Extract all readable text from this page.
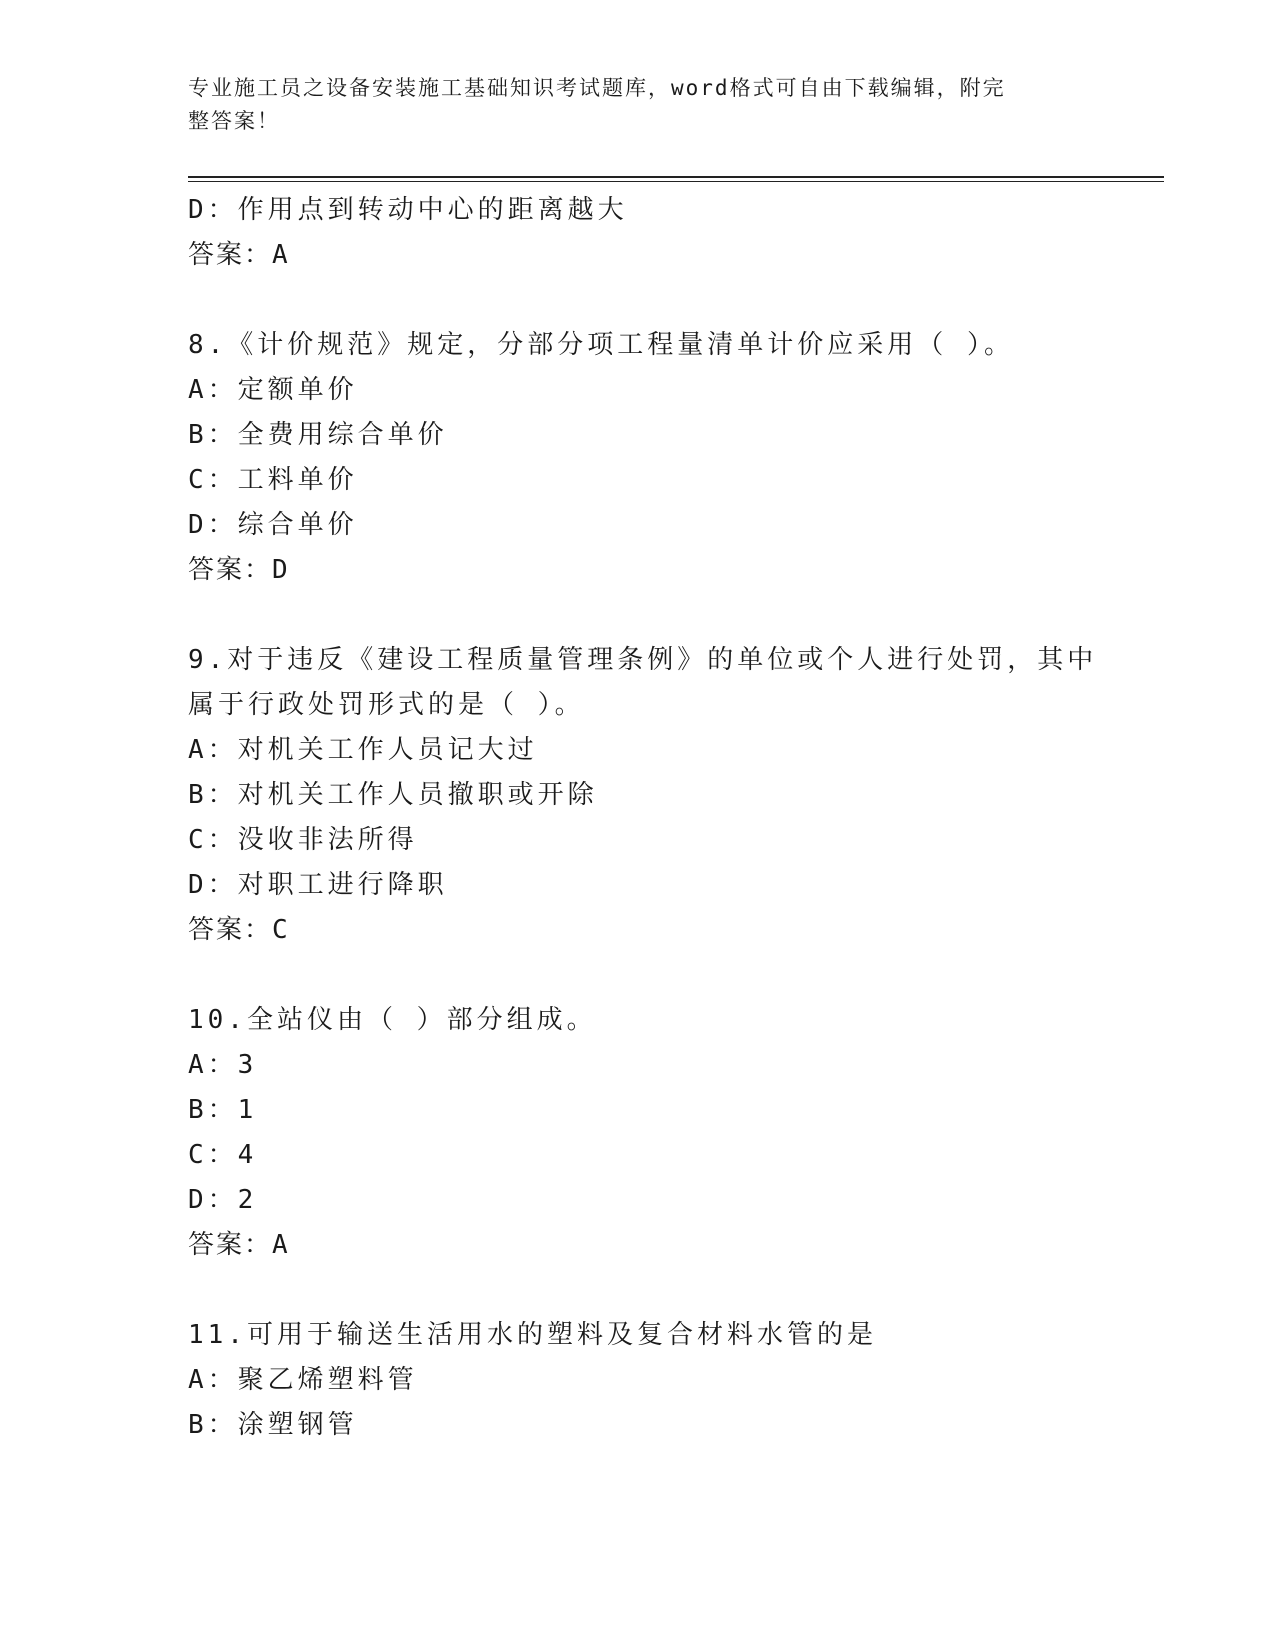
专业施工员之设备安装施工基础知识考试题库，word格式可自由下载编辑，附完
整答案！
D：作用点到转动中心的距离越大
答案：A
8.《计价规范》规定，分部分项工程量清单计价应采用（ ）。
A：定额单价
B：全费用综合单价
C：工料单价
D：综合单价
答案：D
9.对于违反《建设工程质量管理条例》的单位或个人进行处罚，其中
属于行政处罚形式的是（ ）。
A：对机关工作人员记大过
B：对机关工作人员撤职或开除
C：没收非法所得
D：对职工进行降职
答案：C
10.全站仪由（ ）部分组成。
A：3
B：1
C：4
D：2
答案：A
11.可用于输送生活用水的塑料及复合材料水管的是
A：聚乙烯塑料管
B：涂塑钢管
